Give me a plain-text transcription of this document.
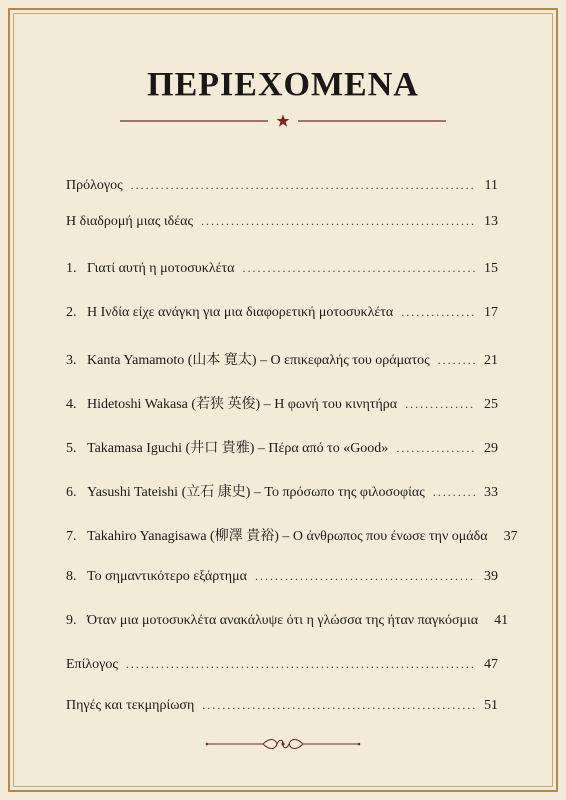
ΠΕΡΙΕΧΟΜΕΝΑ
Πρόλογος .....	11
Η διαδρομή μιας ιδέας .....	13
1. Γιατί αυτή η μοτοσυκλέτα .....	15
2. Η Ινδία είχε ανάγκη για μια διαφορετική μοτοσυκλέτα .....	17
3. Kanta Yamamoto (山本 寛太) – Ο επικεφαλής του οράματος .....	21
4. Hidetoshi Wakasa (若狭 英俊) – Η φωνή του κινητήρα .....	25
5. Takamasa Iguchi (井口 貴雅) – Πέρα από το «Good» .....	29
6. Yasushi Tateishi (立石 康史) – Το πρόσωπο της φιλοσοφίας .....	33
7. Takahiro Yanagisawa (柳澤 貴裕) – Ο άνθρωπος που ένωσε την ομάδα 37
8. Το σημαντικότερο εξάρτημα .....	39
9. Όταν μια μοτοσυκλέτα ανακάλυψε ότι η γλώσσα της ήταν παγκόσμια 41
Επίλογος .....	47
Πηγές και τεκμηρίωση .....	51
